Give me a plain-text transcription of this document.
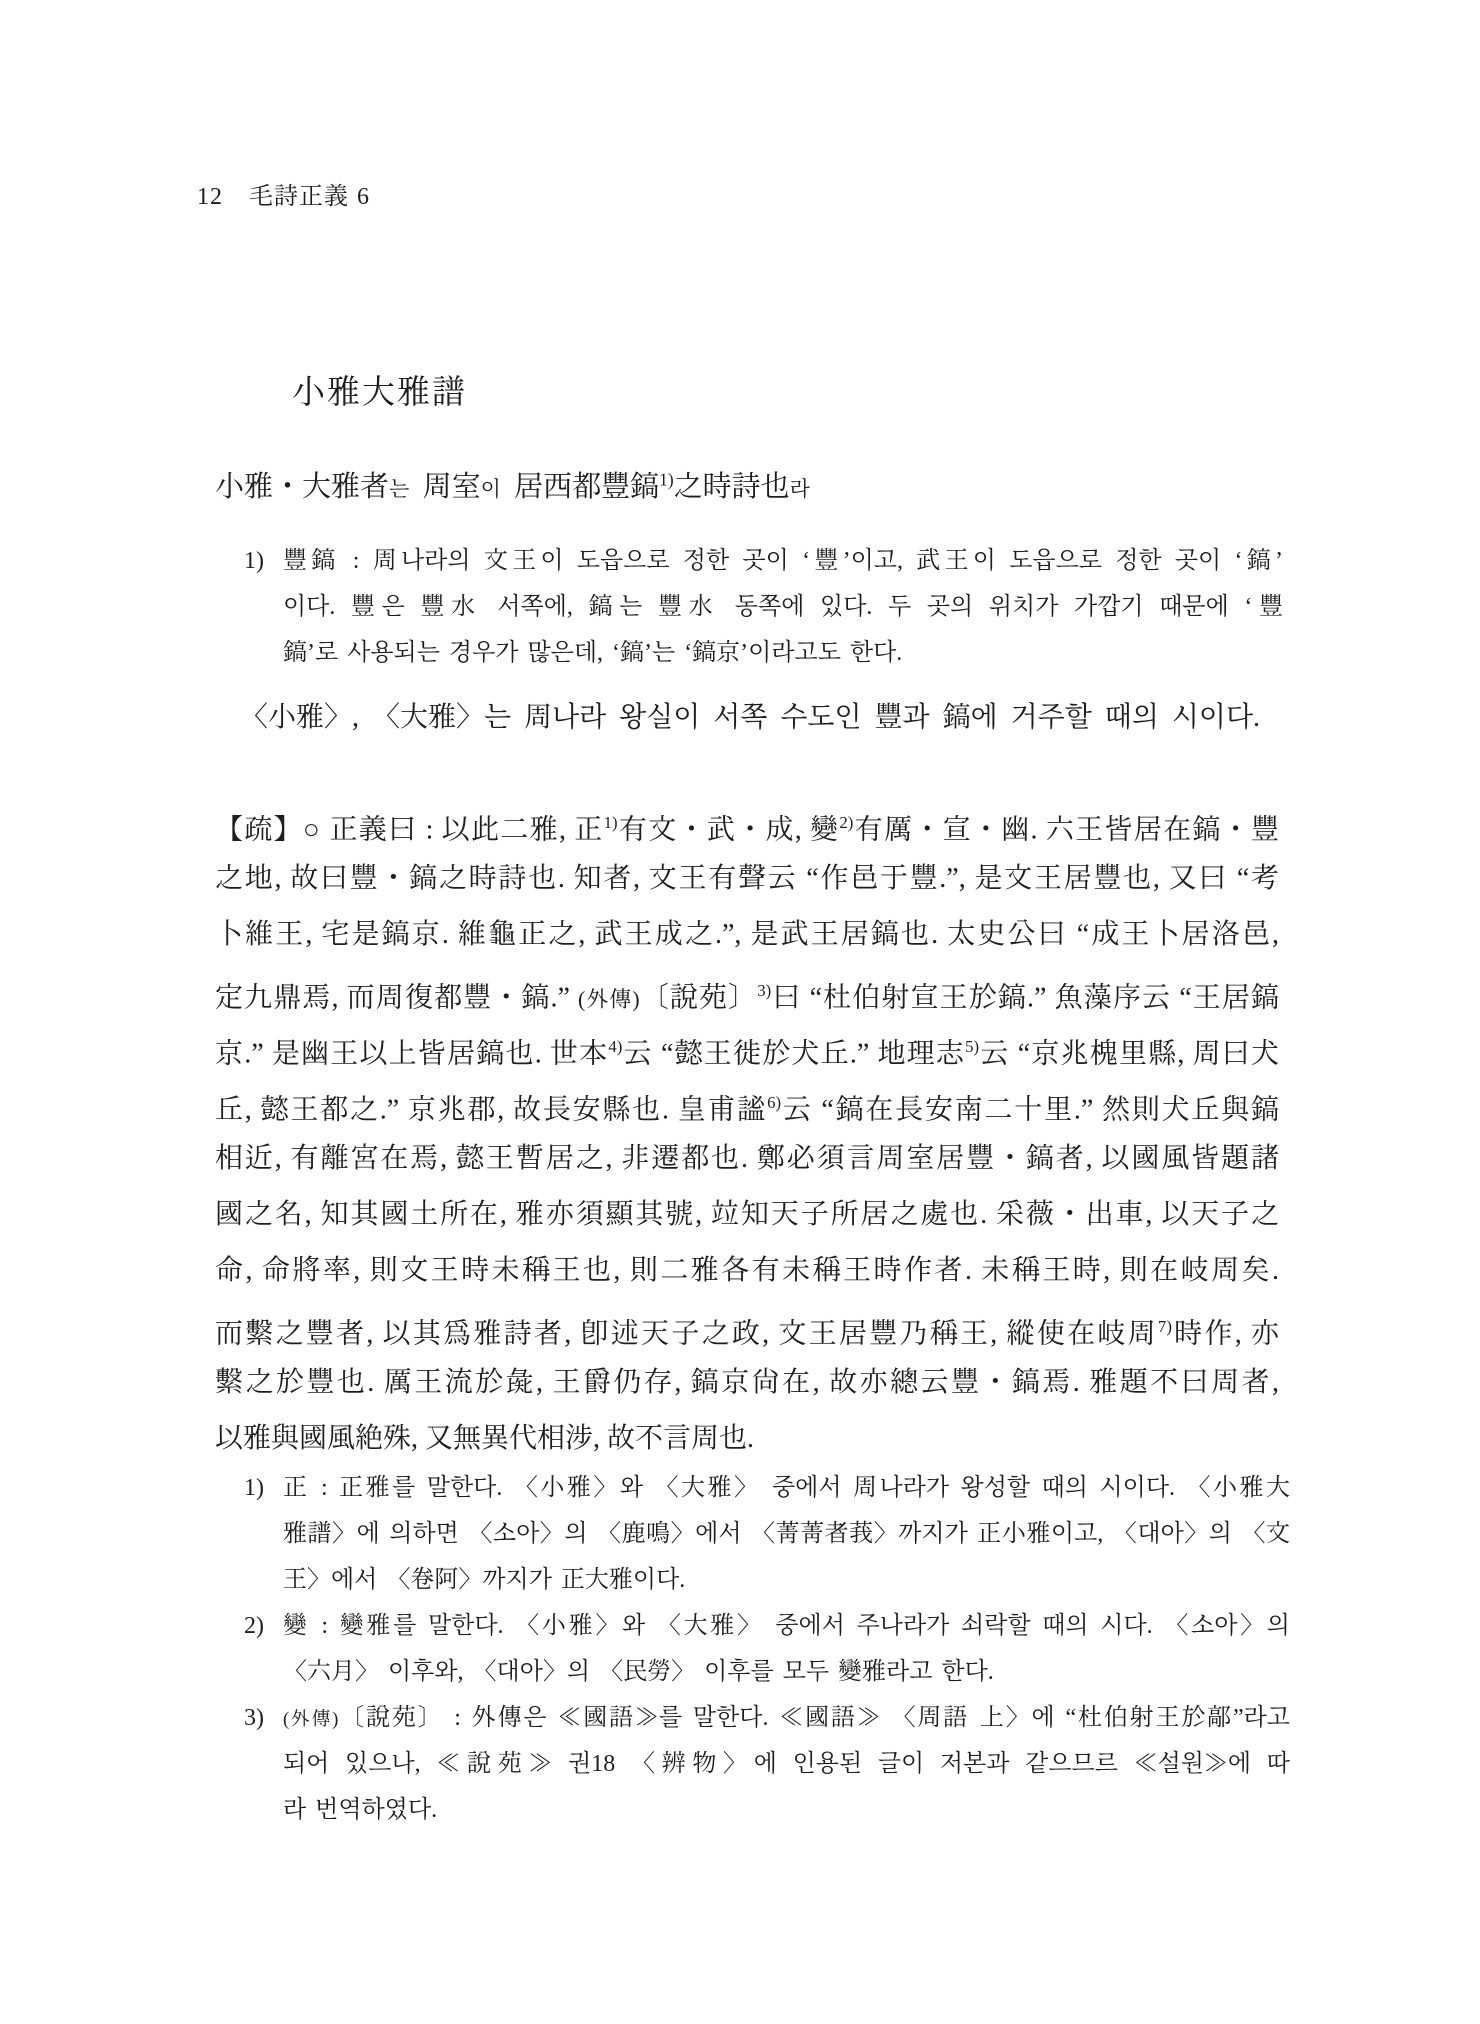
12 毛詩正義 6
小雅大雅譜
小雅・大雅者는 周室이 居西都豐鎬$^{1)}$之時詩也라
1) 豐鎬 : 周나라의 文王이 도읍으로 정한 곳이 ‘豐’이고, 武王이 도읍으로 정한 곳이 ‘鎬’
이다. 豐은 豐水 서쪽에, 鎬는 豐水 동쪽에 있다. 두 곳의 위치가 가깝기 때문에 ‘豐
鎬’로 사용되는 경우가 많은데, ‘鎬’는 ‘鎬京’이라고도 한다.
〈小雅〉, 〈大雅〉는 周나라 왕실이 서쪽 수도인 豐과 鎬에 거주할 때의 시이다.
【疏】○ 正義曰 : 以此二雅, 正$^{1)}$有文・武・成, 變$^{2)}$有厲・宣・幽. 六王皆居在鎬・豐
之地, 故曰豐・鎬之時詩也. 知者, 文王有聲云 “作邑于豐.”, 是文王居豐也, 又曰 “考
卜維王, 宅是鎬京. 維龜正之, 武王成之.”, 是武王居鎬也. 太史公曰 “成王卜居洛邑,
定九鼎焉, 而周復都豐・鎬.” (外傳)〔說苑〕$^{3)}$曰 “杜伯射宣王於鎬.” 魚藻序云 “王居鎬
京.” 是幽王以上皆居鎬也. 世本$^{4)}$云 “懿王徙於犬丘.” 地理志$^{5)}$云 “京兆槐里縣, 周曰犬
丘, 懿王都之.” 京兆郡, 故長安縣也. 皇甫謐$^{6)}$云 “鎬在長安南二十里.” 然則犬丘與鎬
相近, 有離宮在焉, 懿王暫居之, 非遷都也. 鄭必須言周室居豐・鎬者, 以國風皆題諸
國之名, 知其國土所在, 雅亦須顯其號, 竝知天子所居之處也. 采薇・出車, 以天子之
命, 命將率, 則文王時未稱王也, 則二雅各有未稱王時作者. 未稱王時, 則在岐周矣.
而繫之豐者, 以其爲雅詩者, 卽述天子之政, 文王居豐乃稱王, 縱使在岐周$^{7)}$時作, 亦
繫之於豐也. 厲王流於彘, 王爵仍存, 鎬京尙在, 故亦總云豐・鎬焉. 雅題不曰周者,
以雅與國風絶殊, 又無異代相涉, 故不言周也.
1) 正 : 正雅를 말한다. 〈小雅〉와 〈大雅〉 중에서 周나라가 왕성할 때의 시이다. 〈小雅大
雅譜〉에 의하면 〈소아〉의 〈鹿鳴〉에서 〈菁菁者莪〉까지가 正小雅이고, 〈대아〉의 〈文
王〉에서 〈卷阿〉까지가 正大雅이다.
2) 變 : 變雅를 말한다. 〈小雅〉와 〈大雅〉 중에서 주나라가 쇠락할 때의 시다. 〈소아〉의
〈六月〉 이후와, 〈대아〉의 〈民勞〉 이후를 모두 變雅라고 한다.
3) (外傳)〔說苑〕 : 外傳은 ≪國語≫를 말한다. ≪國語≫ 〈周語 上〉에 “杜伯射王於鄗”라고
되어 있으나, ≪說苑≫ 권18 〈辨物〉에 인용된 글이 저본과 같으므르 ≪설원≫에 따
라 번역하였다.
